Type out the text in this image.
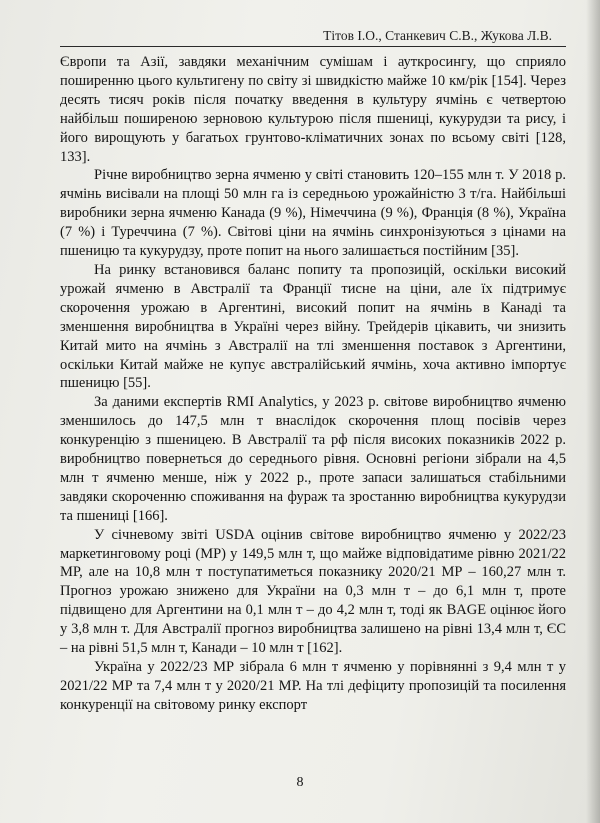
Тітов І.О., Станкевич С.В., Жукова Л.В.

Європи та Азії, завдяки механічним сумішам і ауткросингу, що сприяло поширенню цього культигену по світу зі швидкістю майже 10 км/рік [154]. Через десять тисяч років після початку введення в культуру ячмінь є четвертою найбільш поширеною зерновою культурою після пшениці, кукурудзи та рису, і його вирощують у багатьох грунтово-кліматичних зонах по всьому світі [128, 133].

Річне виробництво зерна ячменю у світі становить 120–155 млн т. У 2018 р. ячмінь висівали на площі 50 млн га із середньою урожайністю 3 т/га. Найбільші виробники зерна ячменю Канада (9 %), Німеччина (9 %), Франція (8 %), Україна (7 %) і Туреччина (7 %). Світові ціни на ячмінь синхронізуються з цінами на пшеницю та кукурудзу, проте попит на нього залишається постійним [35].

На ринку встановився баланс попиту та пропозицій, оскільки високий урожай ячменю в Австралії та Франції тисне на ціни, але їх підтримує скорочення урожаю в Аргентині, високий попит на ячмінь в Канаді та зменшення виробництва в Україні через війну. Трейдерів цікавить, чи знизить Китай мито на ячмінь з Австралії на тлі зменшення поставок з Аргентини, оскільки Китай майже не купує австралійський ячмінь, хоча активно імпортує пшеницю [55].

За даними експертів RMI Analytics, у 2023 р. світове виробництво ячменю зменшилось до 147,5 млн т внаслідок скорочення площ посівів через конкуренцію з пшеницею. В Австралії та рф після високих показників 2022 р. виробництво повернеться до середнього рівня. Основні регіони зібрали на 4,5 млн т ячменю менше, ніж у 2022 р., проте запаси залишаться стабільними завдяки скороченню споживання на фураж та зростанню виробництва кукурудзи та пшениці [166].

У січневому звіті USDA оцінив світове виробництво ячменю у 2022/23 маркетинговому році (МР) у 149,5 млн т, що майже відповідатиме рівню 2021/22 МР, але на 10,8 млн т поступатиметься показнику 2020/21 МР – 160,27 млн т. Прогноз урожаю знижено для України на 0,3 млн т – до 6,1 млн т, проте підвищено для Аргентини на 0,1 млн т – до 4,2 млн т, тоді як BAGE оцінює його у 3,8 млн т. Для Австралії прогноз виробництва залишено на рівні 13,4 млн т, ЄС – на рівні 51,5 млн т, Канади – 10 млн т [162].

Україна у 2022/23 МР зібрала 6 млн т ячменю у порівнянні з 9,4 млн т у 2021/22 МР та 7,4 млн т у 2020/21 МР. На тлі дефіциту пропозицій та посилення конкуренції на світовому ринку експорт

8
